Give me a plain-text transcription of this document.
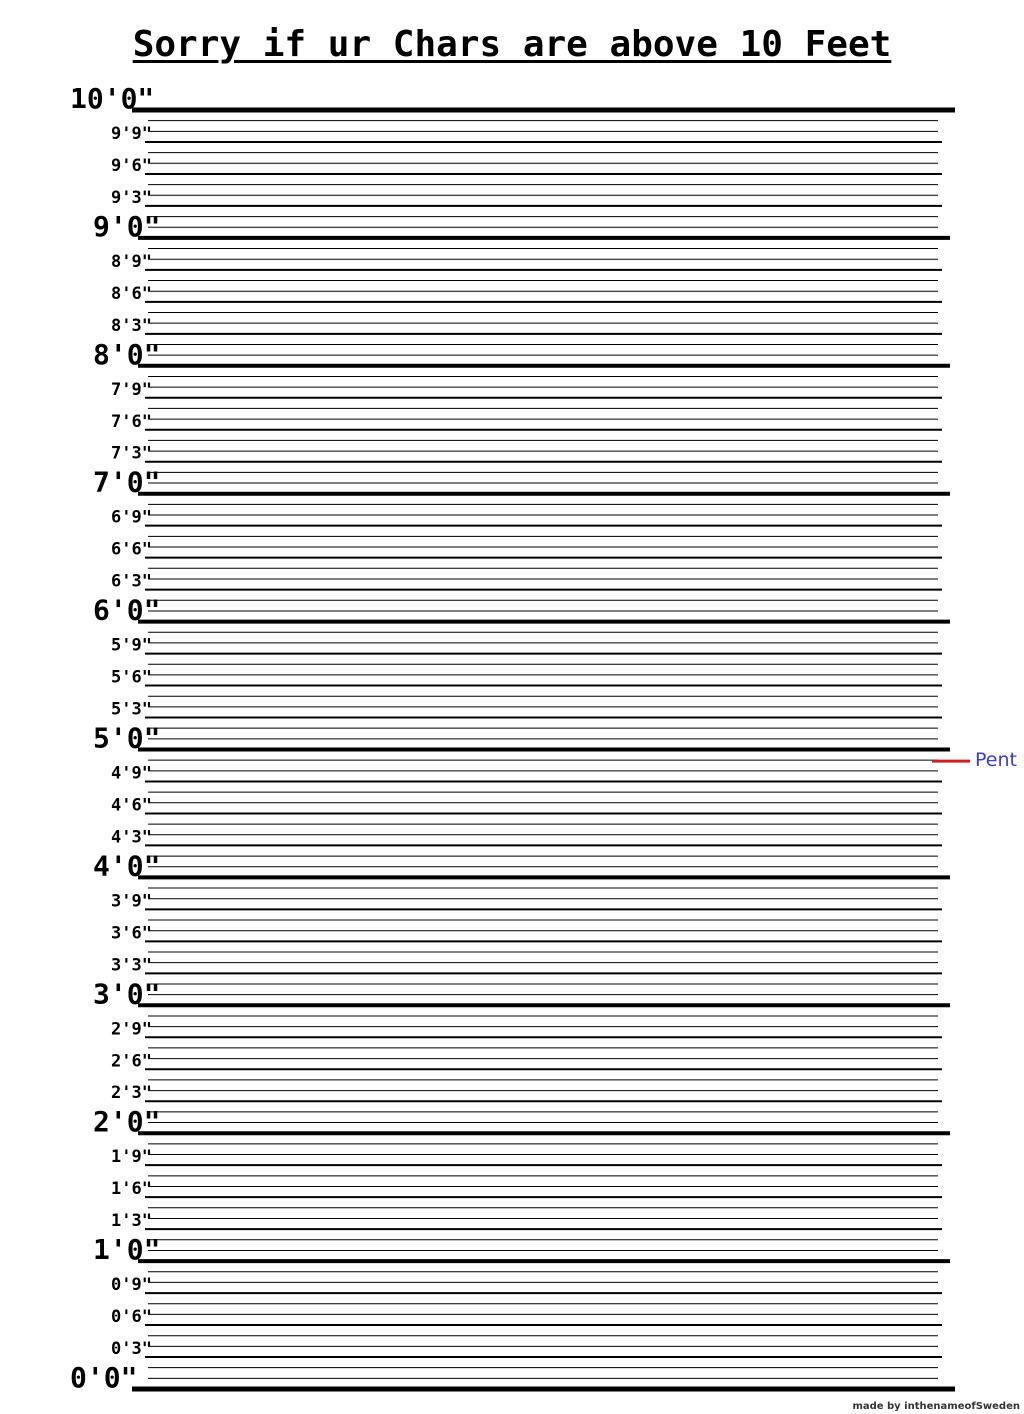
Sorry if ur Chars are above 10 Feet
10'0"
9'0"
8'0"
7'0"
6'0"
5'0"
4'0"
3'0"
2'0"
1'0"
0'0"
9'9"
9'6"
9'3"
8'9"
8'6"
8'3"
7'9"
7'6"
7'3"
6'9"
6'6"
6'3"
5'9"
5'6"
5'3"
4'9"
4'6"
4'3"
3'9"
3'6"
3'3"
2'9"
2'6"
2'3"
1'9"
1'6"
1'3"
0'9"
0'6"
0'3"
Pent
made by inthenameofSweden
